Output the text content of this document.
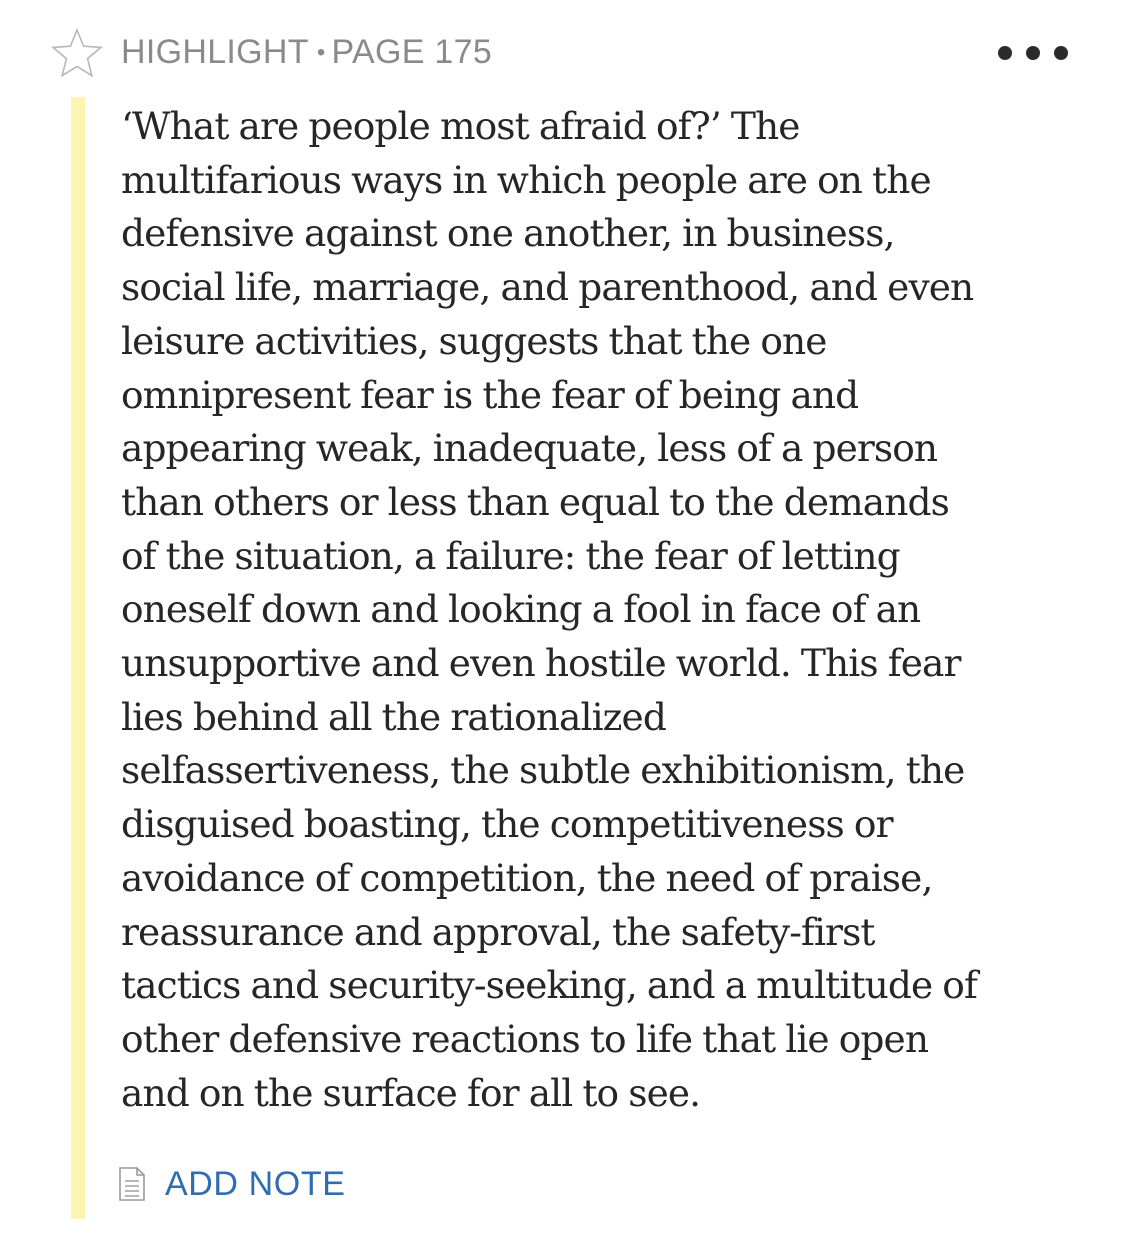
HIGHLIGHT • PAGE 175

‘What are people most afraid of?’ The
multifarious ways in which people are on the
defensive against one another, in business,
social life, marriage, and parenthood, and even
leisure activities, suggests that the one
omnipresent fear is the fear of being and
appearing weak, inadequate, less of a person
than others or less than equal to the demands
of the situation, a failure: the fear of letting
oneself down and looking a fool in face of an
unsupportive and even hostile world. This fear
lies behind all the rationalized
selfassertiveness, the subtle exhibitionism, the
disguised boasting, the competitiveness or
avoidance of competition, the need of praise,
reassurance and approval, the safety-first
tactics and security-seeking, and a multitude of
other defensive reactions to life that lie open
and on the surface for all to see.

ADD NOTE
